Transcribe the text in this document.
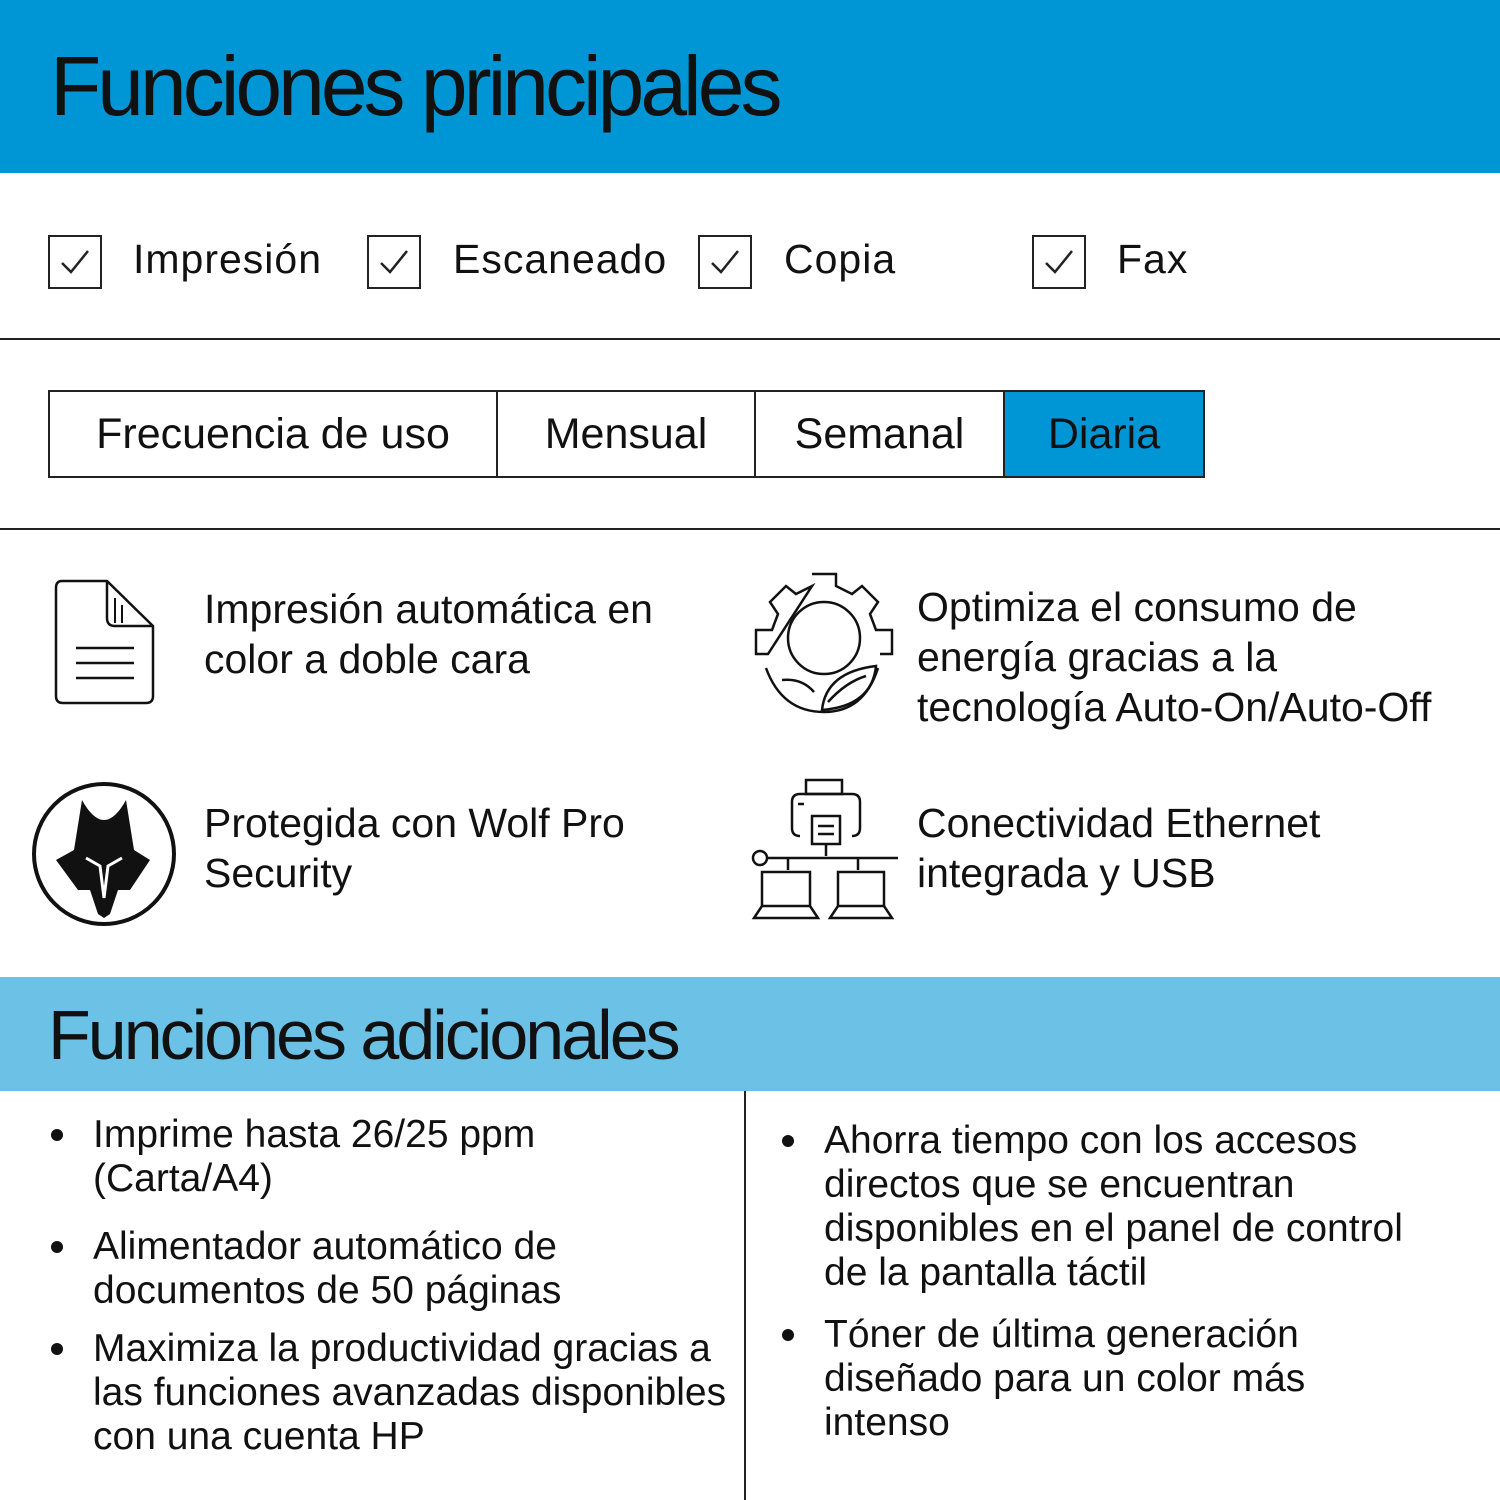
Funciones principales
Impresión	Escaneado	Copia	Fax
Frecuencia de uso	Mensual	Semanal	Diaria
Impresión automática en color a doble cara
Optimiza el consumo de energía gracias a la tecnología Auto-On/Auto-Off
Protegida con Wolf Pro Security
Conectividad Ethernet integrada y USB
Funciones adicionales
Imprime hasta 26/25 ppm (Carta/A4)
Alimentador automático de documentos de 50 páginas
Maximiza la productividad gracias a las funciones avanzadas disponibles con una cuenta HP
Ahorra tiempo con los accesos directos que se encuentran disponibles en el panel de control de la pantalla táctil
Tóner de última generación diseñado para un color más intenso
